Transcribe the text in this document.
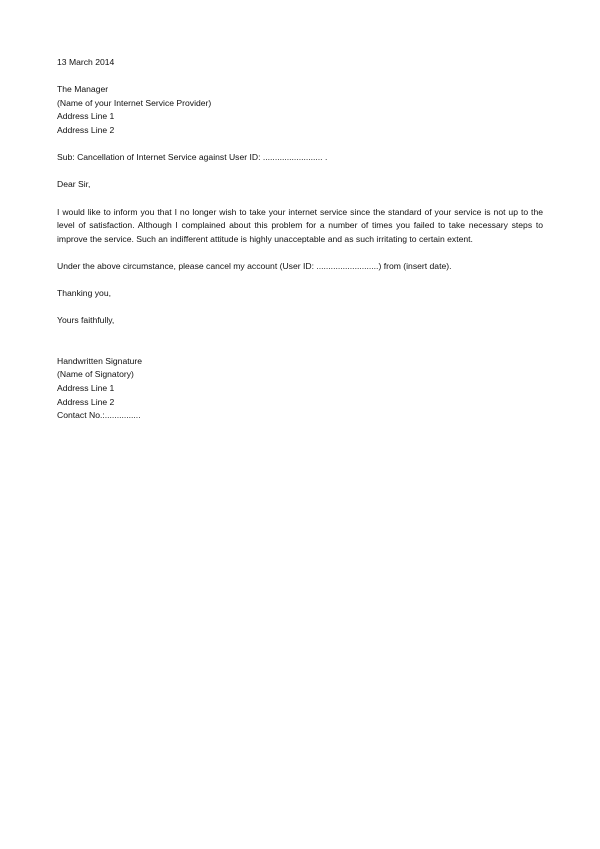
13 March 2014
The Manager
(Name of your Internet Service Provider)
Address Line 1
Address Line 2
Sub: Cancellation of Internet Service against User ID: ......................... .
Dear Sir,

I would like to inform you that I no longer wish to take your internet service since the standard of your service is not up to the level of satisfaction. Although I complained about this problem for a number of times you failed to take necessary steps to improve the service. Such an indifferent attitude is highly unacceptable and as such irritating to certain extent.

Under the above circumstance, please cancel my account (User ID: ..........................) from (insert date).

Thanking you,
Yours faithfully,
Handwritten Signature
(Name of Signatory)
Address Line 1
Address Line 2
Contact No.:...............
